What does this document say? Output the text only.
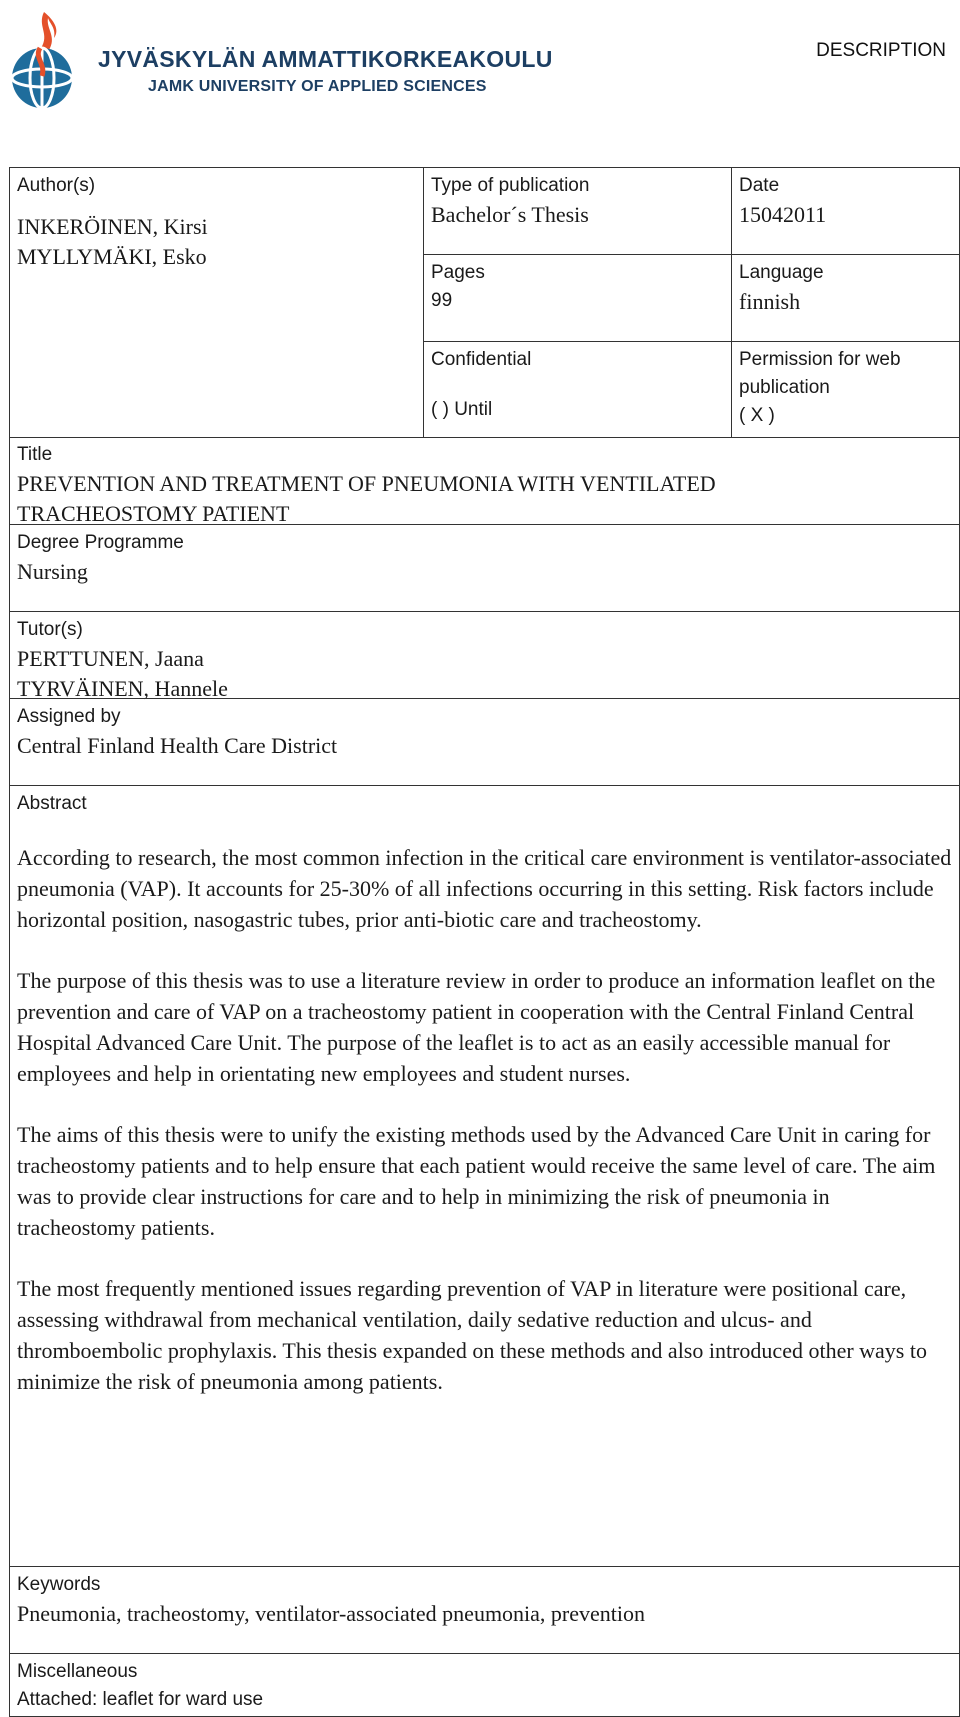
JYVÄSKYLÄN AMMATTIKORKEAKOULU
JAMK UNIVERSITY OF APPLIED SCIENCES
DESCRIPTION
Author(s)
INKERÖINEN, Kirsi
MYLLYMÄKI, Esko
Type of publication
Bachelor´s Thesis
Date
15042011
Pages
99
Language
finnish
Confidential
( ) Until
Permission for web publication
( X )
Title
PREVENTION AND TREATMENT OF PNEUMONIA WITH VENTILATED
TRACHEOSTOMY PATIENT
Degree Programme
Nursing
Tutor(s)
PERTTUNEN, Jaana
TYRVÄINEN, Hannele
Assigned by
Central Finland Health Care District
Abstract

According to research, the most common infection in the critical care environment is ventilator-associated pneumonia (VAP). It accounts for 25-30% of all infections occurring in this setting. Risk factors include horizontal position, nasogastric tubes, prior anti-biotic care and tracheostomy.

The purpose of this thesis was to use a literature review in order to produce an information leaflet on the prevention and care of VAP on a tracheostomy patient in cooperation with the Central Finland Central Hospital Advanced Care Unit. The purpose of the leaflet is to act as an easily accessible manual for employees and help in orientating new employees and student nurses.

The aims of this thesis were to unify the existing methods used by the Advanced Care Unit in caring for tracheostomy patients and to help ensure that each patient would receive the same level of care. The aim was to provide clear instructions for care and to help in minimizing the risk of pneumonia in tracheostomy patients.

The most frequently mentioned issues regarding prevention of VAP in literature were positional care, assessing withdrawal from mechanical ventilation, daily sedative reduction and ulcus- and thromboembolic prophylaxis. This thesis expanded on these methods and also introduced other ways to minimize the risk of pneumonia among patients.

Keywords
Pneumonia, tracheostomy, ventilator-associated pneumonia, prevention
Miscellaneous
Attached: leaflet for ward use
